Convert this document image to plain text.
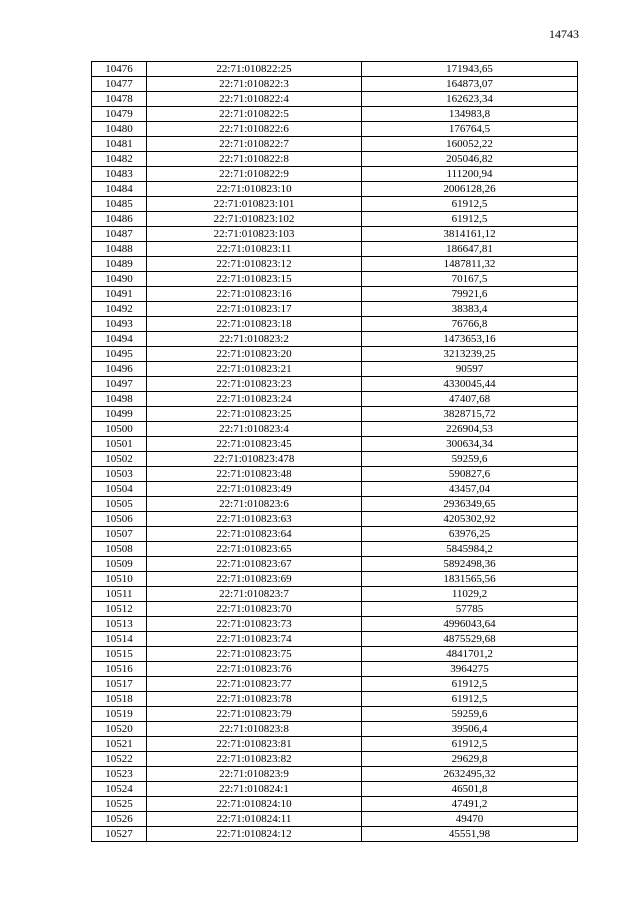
14743
10476	22:71:010822:25	171943,65
10477	22:71:010822:3	164873,07
10478	22:71:010822:4	162623,34
10479	22:71:010822:5	134983,8
10480	22:71:010822:6	176764,5
10481	22:71:010822:7	160052,22
10482	22:71:010822:8	205046,82
10483	22:71:010822:9	111200,94
10484	22:71:010823:10	2006128,26
10485	22:71:010823:101	61912,5
10486	22:71:010823:102	61912,5
10487	22:71:010823:103	3814161,12
10488	22:71:010823:11	186647,81
10489	22:71:010823:12	1487811,32
10490	22:71:010823:15	70167,5
10491	22:71:010823:16	79921,6
10492	22:71:010823:17	38383,4
10493	22:71:010823:18	76766,8
10494	22:71:010823:2	1473653,16
10495	22:71:010823:20	3213239,25
10496	22:71:010823:21	90597
10497	22:71:010823:23	4330045,44
10498	22:71:010823:24	47407,68
10499	22:71:010823:25	3828715,72
10500	22:71:010823:4	226904,53
10501	22:71:010823:45	300634,34
10502	22:71:010823:478	59259,6
10503	22:71:010823:48	590827,6
10504	22:71:010823:49	43457,04
10505	22:71:010823:6	2936349,65
10506	22:71:010823:63	4205302,92
10507	22:71:010823:64	63976,25
10508	22:71:010823:65	5845984,2
10509	22:71:010823:67	5892498,36
10510	22:71:010823:69	1831565,56
10511	22:71:010823:7	11029,2
10512	22:71:010823:70	57785
10513	22:71:010823:73	4996043,64
10514	22:71:010823:74	4875529,68
10515	22:71:010823:75	4841701,2
10516	22:71:010823:76	3964275
10517	22:71:010823:77	61912,5
10518	22:71:010823:78	61912,5
10519	22:71:010823:79	59259,6
10520	22:71:010823:8	39506,4
10521	22:71:010823:81	61912,5
10522	22:71:010823:82	29629,8
10523	22:71:010823:9	2632495,32
10524	22:71:010824:1	46501,8
10525	22:71:010824:10	47491,2
10526	22:71:010824:11	49470
10527	22:71:010824:12	45551,98
